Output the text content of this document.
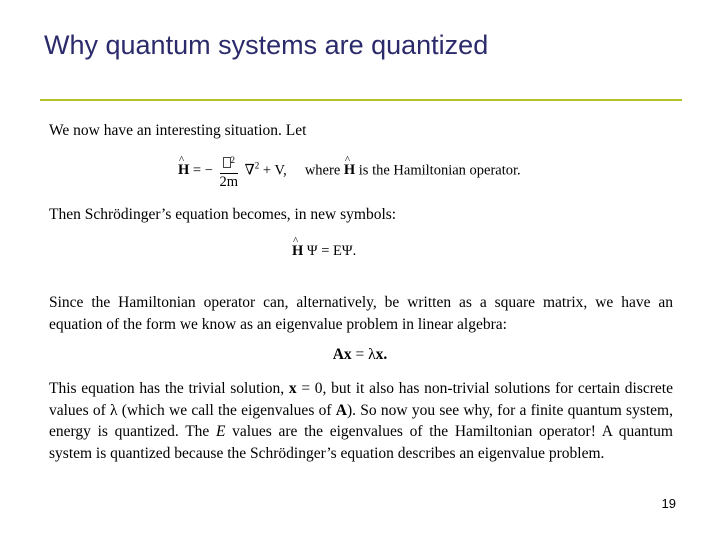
Why quantum systems are quantized
We now have an interesting situation. Let
^ H = − $\frac{^2}{2m} \nabla^2 + V$, where ^ H is the Hamiltonian operator.
Then Schrödinger’s equation becomes, in new symbols:
^ H Ψ = EΨ.
Since the Hamiltonian operator can, alternatively, be written as a square matrix, we have an equation of the form we know as an eigenvalue problem in linear algebra:
Ax = λx.
This equation has the trivial solution, x = 0, but it also has non-trivial solutions for certain discrete values of λ (which we call the eigenvalues of A). So now you see why, for a finite quantum system, energy is quantized. The E values are the eigenvalues of the Hamiltonian operator! A quantum system is quantized because the Schrödinger’s equation describes an eigenvalue problem.
19
